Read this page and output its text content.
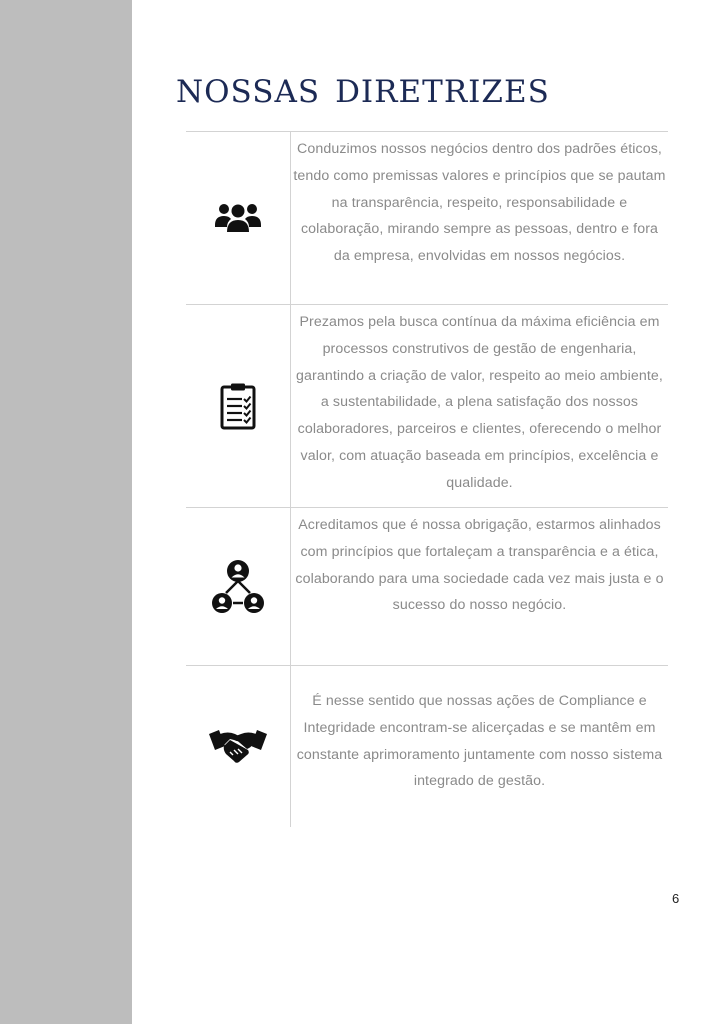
nossas diretrizes
Conduzimos nossos negócios dentro dos padrões éticos, tendo como premissas valores e princípios que se pautam na transparência, respeito, responsabilidade e colaboração, mirando sempre as pessoas, dentro e fora da empresa, envolvidas em nossos negócios.
Prezamos pela busca contínua da máxima eficiência em processos construtivos de gestão de engenharia, garantindo a criação de valor, respeito ao meio ambiente, a sustentabilidade, a plena satisfação dos nossos colaboradores, parceiros e clientes, oferecendo o melhor valor, com atuação baseada em princípios, excelência e qualidade.
Acreditamos que é nossa obrigação, estarmos alinhados com princípios que fortaleçam a transparência e a ética, colaborando para uma sociedade cada vez mais justa e o sucesso do nosso negócio.
É nesse sentido que nossas ações de Compliance e Integridade encontram-se alicerçadas e se mantêm em constante aprimoramento juntamente com nosso sistema integrado de gestão.
6
